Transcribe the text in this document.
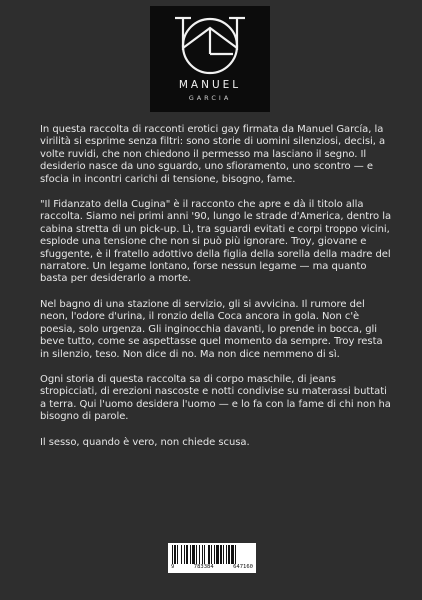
MANUEL
GARCIA

In questa raccolta di racconti erotici gay firmata da Manuel García, la virilità si esprime senza filtri: sono storie di uomini silenziosi, decisi, a volte ruvidi, che non chiedono il permesso ma lasciano il segno. Il desiderio nasce da uno sguardo, uno sfioramento, uno scontro — e sfocia in incontri carichi di tensione, bisogno, fame.

"Il Fidanzato della Cugina" è il racconto che apre e dà il titolo alla raccolta. Siamo nei primi anni '90, lungo le strade d'America, dentro la cabina stretta di un pick-up. Lì, tra sguardi evitati e corpi troppo vicini, esplode una tensione che non si può più ignorare. Troy, giovane e sfuggente, è il fratello adottivo della figlia della sorella della madre del narratore. Un legame lontano, forse nessun legame — ma quanto basta per desiderarlo a morte.

Nel bagno di una stazione di servizio, gli si avvicina. Il rumore del neon, l'odore d'urina, il ronzio della Coca ancora in gola. Non c'è poesia, solo urgenza. Gli inginocchia davanti, lo prende in bocca, gli beve tutto, come se aspettasse quel momento da sempre. Troy resta in silenzio, teso. Non dice di no. Ma non dice nemmeno di sì.

Ogni storia di questa raccolta sa di corpo maschile, di jeans stropicciati, di erezioni nascoste e notti condivise su materassi buttati a terra. Qui l'uomo desidera l'uomo — e lo fa con la fame di chi non ha bisogno di parole.

Il sesso, quando è vero, non chiede scusa.

9	783384	647160
